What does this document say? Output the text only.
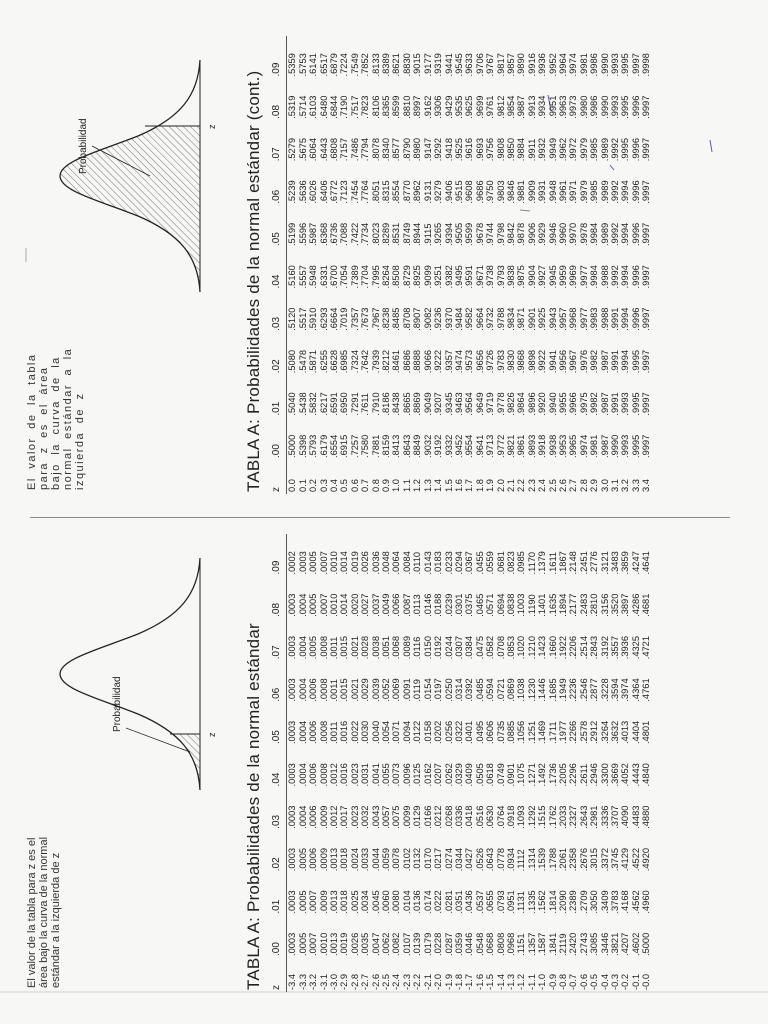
El valor de la tabla para z es el área bajo la curva de la normal estándar a la izquierda de z
Probabilidad
z TABLA A: Probabilidades de la normal estándar z	.00	.01	.02	.03	.04	.05	.06	.07	.08	.09
-3.4	.0003	.0003	.0003	.0003	.0003	.0003	.0003	.0003	.0003	.0002
-3.3	.0005	.0005	.0005	.0004	.0004	.0004	.0004	.0004	.0004	.0003
-3.2	.0007	.0007	.0006	.0006	.0006	.0006	.0006	.0005	.0005	.0005
-3.1	.0010	.0009	.0009	.0009	.0008	.0008	.0008	.0008	.0007	.0007
-3.0	.0013	.0013	.0013	.0012	.0012	.0011	.0011	.0011	.0010	.0010
-2.9	.0019	.0018	.0018	.0017	.0016	.0016	.0015	.0015	.0014	.0014
-2.8	.0026	.0025	.0024	.0023	.0023	.0022	.0021	.0021	.0020	.0019
-2.7	.0035	.0034	.0033	.0032	.0031	.0030	.0029	.0028	.0027	.0026
-2.6	.0047	.0045	.0044	.0043	.0041	.0040	.0039	.0038	.0037	.0036
-2.5	.0062	.0060	.0059	.0057	.0055	.0054	.0052	.0051	.0049	.0048
-2.4	.0082	.0080	.0078	.0075	.0073	.0071	.0069	.0068	.0066	.0064
-2.3	.0107	.0104	.0102	.0099	.0096	.0094	.0091	.0089	.0087	.0084
-2.2	.0139	.0136	.0132	.0129	.0125	.0122	.0119	.0116	.0113	.0110
-2.1	.0179	.0174	.0170	.0166	.0162	.0158	.0154	.0150	.0146	.0143
-2.0	.0228	.0222	.0217	.0212	.0207	.0202	.0197	.0192	.0188	.0183
-1.9	.0287	.0281	.0274	.0268	.0262	.0256	.0250	.0244	.0239	.0233
-1.8	.0359	.0351	.0344	.0336	.0329	.0322	.0314	.0307	.0301	.0294
-1.7	.0446	.0436	.0427	.0418	.0409	.0401	.0392	.0384	.0375	.0367
-1.6	.0548	.0537	.0526	.0516	.0505	.0495	.0485	.0475	.0465	.0455
-1.5	.0668	.0655	.0643	.0630	.0618	.0606	.0594	.0582	.0571	.0559
-1.4	.0808	.0793	.0778	.0764	.0749	.0735	.0721	.0708	.0694	.0681
-1.3	.0968	.0951	.0934	.0918	.0901	.0885	.0869	.0853	.0838	.0823
-1.2	.1151	.1131	.1112	.1093	.1075	.1056	.1038	.1020	.1003	.0985
-1.1	.1357	.1335	.1314	.1292	.1271	.1251	.1230	.1210	.1190	.1170
-1.0	.1587	.1562	.1539	.1515	.1492	.1469	.1446	.1423	.1401	.1379
-0.9	.1841	.1814	.1788	.1762	.1736	.1711	.1685	.1660	.1635	.1611
-0.8	.2119	.2090	.2061	.2033	.2005	.1977	.1949	.1922	.1894	.1867
-0.7	.2420	.2389	.2358	.2327	.2296	.2266	.2236	.2206	.2177	.2148
-0.6	.2743	.2709	.2676	.2643	.2611	.2578	.2546	.2514	.2483	.2451
-0.5	.3085	.3050	.3015	.2981	.2946	.2912	.2877	.2843	.2810	.2776
-0.4	.3446	.3409	.3372	.3336	.3300	.3264	.3228	.3192	.3156	.3121
-0.3	.3821	.3783	.3745	.3707	.3669	.3632	.3594	.3557	.3520	.3483
-0.2	.4207	.4168	.4129	.4090	.4052	.4013	.3974	.3936	.3897	.3859
-0.1	.4602	.4562	.4522	.4483	.4443	.4404	.4364	.4325	.4286	.4247
-0.0	.5000	.4960	.4920	.4880	.4840	.4801	.4761	.4721	.4681	.4641
El valor de la tabla para z es el área bajo la curva de la normal estándar a la izquierda de z
Probabilidad	z TABLA A: Probabilidades de la normal estándar (cont.) z	.00	.01	.02	.03	.04	.05	.06	.07	.08	.09
0.0	.5000	.5040	.5080	.5120	.5160	.5199	.5239	.5279	.5319	.5359
0.1	.5398	.5438	.5478	.5517	.5557	.5596	.5636	.5675	.5714	.5753
0.2	.5793	.5832	.5871	.5910	.5948	.5987	.6026	.6064	.6103	.6141
0.3	.6179	.6217	.6255	.6293	.6331	.6368	.6406	.6443	.6480	.6517
0.4	.6554	.6591	.6628	.6664	.6700	.6736	.6772	.6808	.6844	.6879
0.5	.6915	.6950	.6985	.7019	.7054	.7088	.7123	.7157	.7190	.7224
0.6	.7257	.7291	.7324	.7357	.7389	.7422	.7454	.7486	.7517	.7549
0.7	.7580	.7611	.7642	.7673	.7704	.7734	.7764	.7794	.7823	.7852
0.8	.7881	.7910	.7939	.7967	.7995	.8023	.8051	.8078	.8106	.8133
0.9	.8159	.8186	.8212	.8238	.8264	.8289	.8315	.8340	.8365	.8389
1.0	.8413	.8438	.8461	.8485	.8508	.8531	.8554	.8577	.8599	.8621
1.1	.8643	.8665	.8686	.8708	.8729	.8749	.8770	.8790	.8810	.8830
1.2	.8849	.8869	.8888	.8907	.8925	.8944	.8962	.8980	.8997	.9015
1.3	.9032	.9049	.9066	.9082	.9099	.9115	.9131	.9147	.9162	.9177
1.4	.9192	.9207	.9222	.9236	.9251	.9265	.9279	.9292	.9306	.9319
1.5	.9332	.9345	.9357	.9370	.9382	.9394	.9406	.9418	.9429	.9441
1.6	.9452	.9463	.9474	.9484	.9495	.9505	.9515	.9525	.9535	.9545
1.7	.9554	.9564	.9573	.9582	.9591	.9599	.9608	.9616	.9625	.9633
1.8	.9641	.9649	.9656	.9664	.9671	.9678	.9686	.9693	.9699	.9706
1.9	.9713	.9719	.9726	.9732	.9738	.9744	.9750	.9756	.9761	.9767
2.0	.9772	.9778	.9783	.9788	.9793	.9798	.9803	.9808	.9812	.9817
2.1	.9821	.9826	.9830	.9834	.9838	.9842	.9846	.9850	.9854	.9857
2.2	.9861	.9864	.9868	.9871	.9875	.9878	.9881	.9884	.9887	.9890
2.3	.9893	.9896	.9898	.9901	.9904	.9906	.9909	.9911	.9913	.9916
2.4	.9918	.9920	.9922	.9925	.9927	.9929	.9931	.9932	.9934	.9936
2.5	.9938	.9940	.9941	.9943	.9945	.9946	.9948	.9949	.9951	.9952
2.6	.9953	.9955	.9956	.9957	.9959	.9960	.9961	.9962	.9963	.9964
2.7	.9965	.9966	.9967	.9968	.9969	.9970	.9971	.9972	.9973	.9974
2.8	.9974	.9975	.9976	.9977	.9977	.9978	.9979	.9979	.9980	.9981
2.9	.9981	.9982	.9982	.9983	.9984	.9984	.9985	.9985	.9986	.9986
3.0	.9987	.9987	.9987	.9988	.9988	.9989	.9989	.9989	.9990	.9990
3.1	.9990	.9991	.9991	.9991	.9992	.9992	.9992	.9992	.9993	.9993
3.2	.9993	.9993	.9994	.9994	.9994	.9994	.9994	.9995	.9995	.9995
3.3	.9995	.9995	.9995	.9996	.9996	.9996	.9996	.9996	.9996	.9997
3.4	.9997	.9997	.9997	.9997	.9997	.9997	.9997	.9997	.9997	.9998
